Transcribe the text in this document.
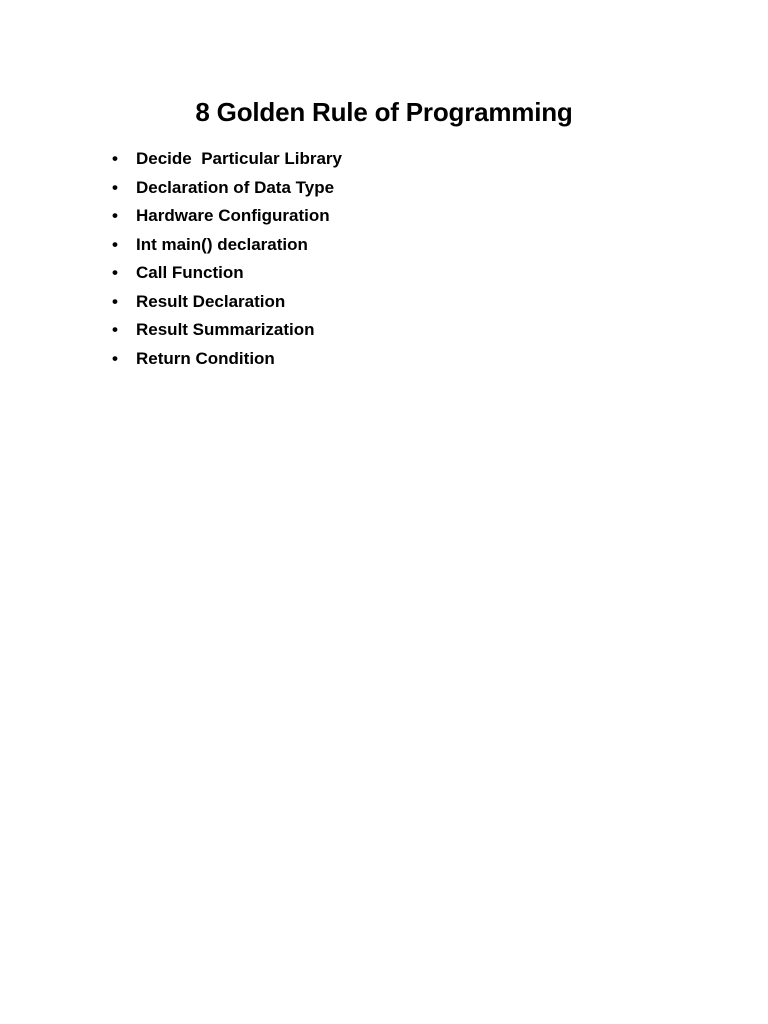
8 Golden Rule of Programming

•

	Decide  Particular Library

•

	Declaration of Data Type

•

	Hardware Configuration

•

	Int main() declaration

•

	Call Function

•

	Result Declaration

•

	Result Summarization

•

	Return Condition
